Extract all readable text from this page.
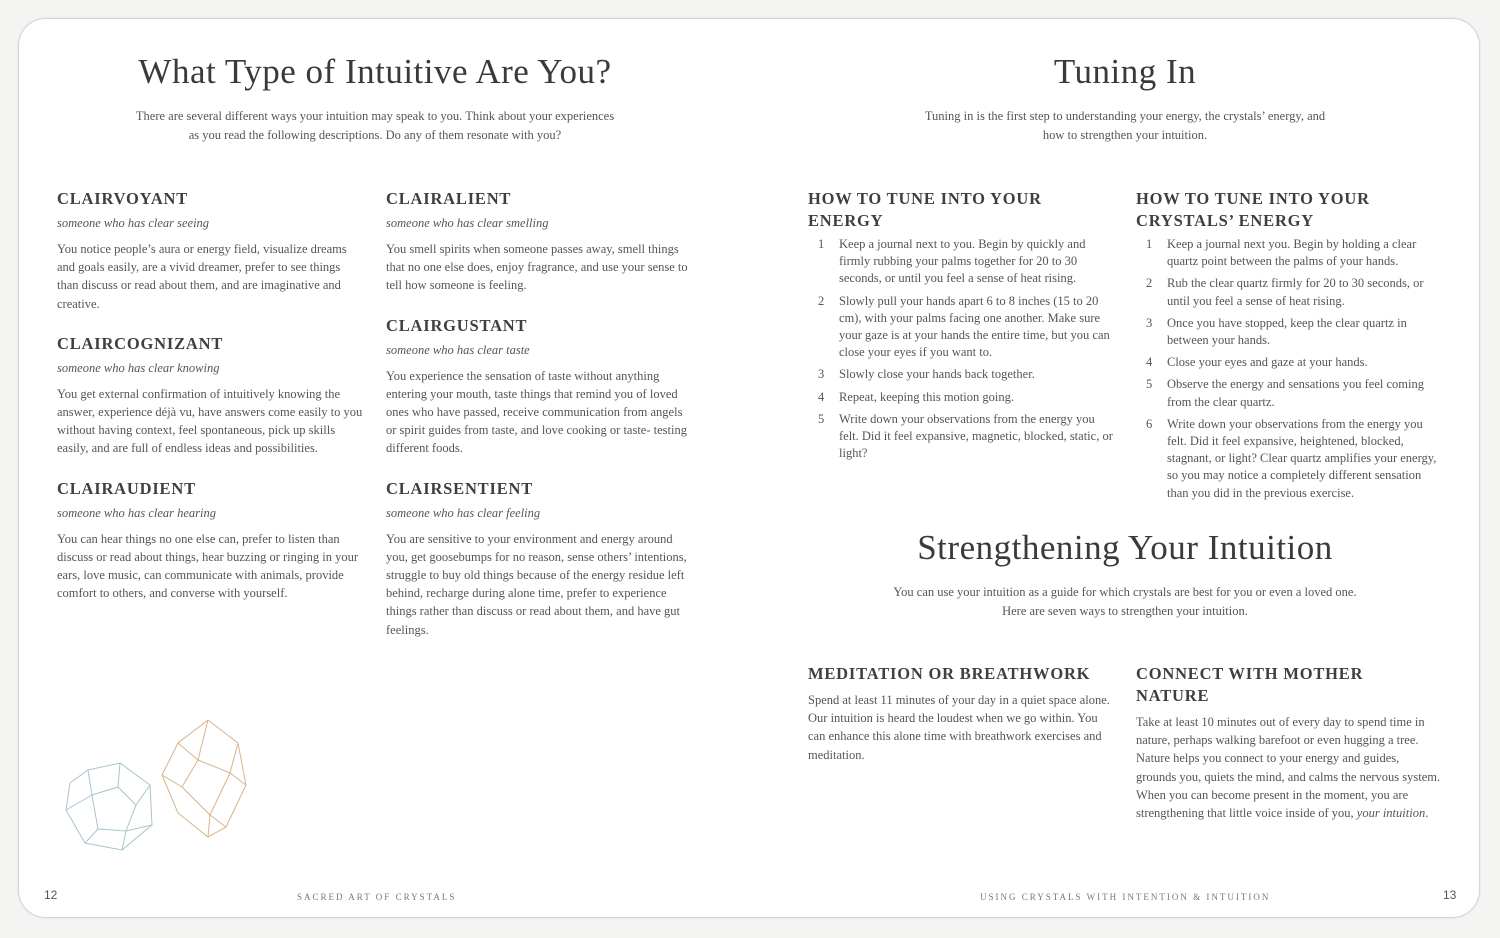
What Type of Intuitive Are You?

There are several different ways your intuition may speak to you. Think about your experiences

as you read the following descriptions. Do any of them resonate with you?

CLAIRVOYANT

someone who has clear seeing

You notice people’s aura or energy field, visualize dreams and goals easily, are a vivid dreamer, prefer to see things than discuss or read about them, and are imaginative and creative.

CLAIRCOGNIZANT

someone who has clear knowing

You get external confirmation of intuitively knowing the answer, experience déjà vu, have answers come easily to you without having context, feel spontaneous, pick up skills easily, and are full of endless ideas and possibilities.

CLAIRAUDIENT

someone who has clear hearing

You can hear things no one else can, prefer to listen than discuss or read about things, hear buzzing or ringing in your ears, love music, can communicate with animals, provide comfort to others, and converse with yourself.

CLAIRALIENT

someone who has clear smelling

You smell spirits when someone passes away, smell things that no one else does, enjoy fragrance, and use your sense to tell how someone is feeling.

CLAIRGUSTANT

someone who has clear taste

You experience the sensation of taste without anything entering your mouth, taste things that remind you of loved ones who have passed, receive communication from angels or spirit guides from taste, and love cooking or taste- testing different foods.

CLAIRSENTIENT

someone who has clear feeling

You are sensitive to your environment and energy around you, get goosebumps for no reason, sense others’ intentions, struggle to buy old things because of the energy residue left behind, recharge during alone time, prefer to experience things rather than discuss or read about them, and have gut feelings.

12	SACRED ART OF CRYSTALS
Tuning In

Tuning in is the first step to understanding your energy, the crystals’ energy, and

how to strengthen your intuition.

HOW TO TUNE INTO YOUR ENERGY
1 Keep a journal next to you. Begin by quickly and firmly rubbing your palms together for 20 to 30 seconds, or until you feel a sense of heat rising.
2 Slowly pull your hands apart 6 to 8 inches (15 to 20 cm), with your palms facing one another. Make sure your gaze is at your hands the entire time, but you can close your eyes if you want to.
3 Slowly close your hands back together.
4 Repeat, keeping this motion going.
5 Write down your observations from the energy you felt. Did it feel expansive, magnetic, blocked, static, or light?
HOW TO TUNE INTO YOUR
CRYSTALS’ ENERGY
1 Keep a journal next you. Begin by holding a clear quartz point between the palms of your hands.
2 Rub the clear quartz firmly for 20 to 30 seconds, or until you feel a sense of heat rising.
3 Once you have stopped, keep the clear quartz in between your hands.
4 Close your eyes and gaze at your hands.
5 Observe the energy and sensations you feel coming from the clear quartz.
6 Write down your observations from the energy you felt. Did it feel expansive, heightened, blocked, stagnant, or light? Clear quartz amplifies your energy, so you may notice a completely different sensation than you did in the previous exercise.
Strengthening Your Intuition

You can use your intuition as a guide for which crystals are best for you or even a loved one.

Here are seven ways to strengthen your intuition.

MEDITATION OR BREATHWORK

Spend at least 11 minutes of your day in a quiet space alone. Our intuition is heard the loudest when we go within. You can enhance this alone time with breathwork exercises and meditation.

CONNECT WITH MOTHER NATURE

Take at least 10 minutes out of every day to spend time in nature, perhaps walking barefoot or even hugging a tree. Nature helps you connect to your energy and guides, grounds you, quiets the mind, and calms the nervous system. When you can become present in the moment, you are strengthening that little voice inside of you, your intuition.

USING CRYSTALS WITH INTENTION & INTUITION	13
